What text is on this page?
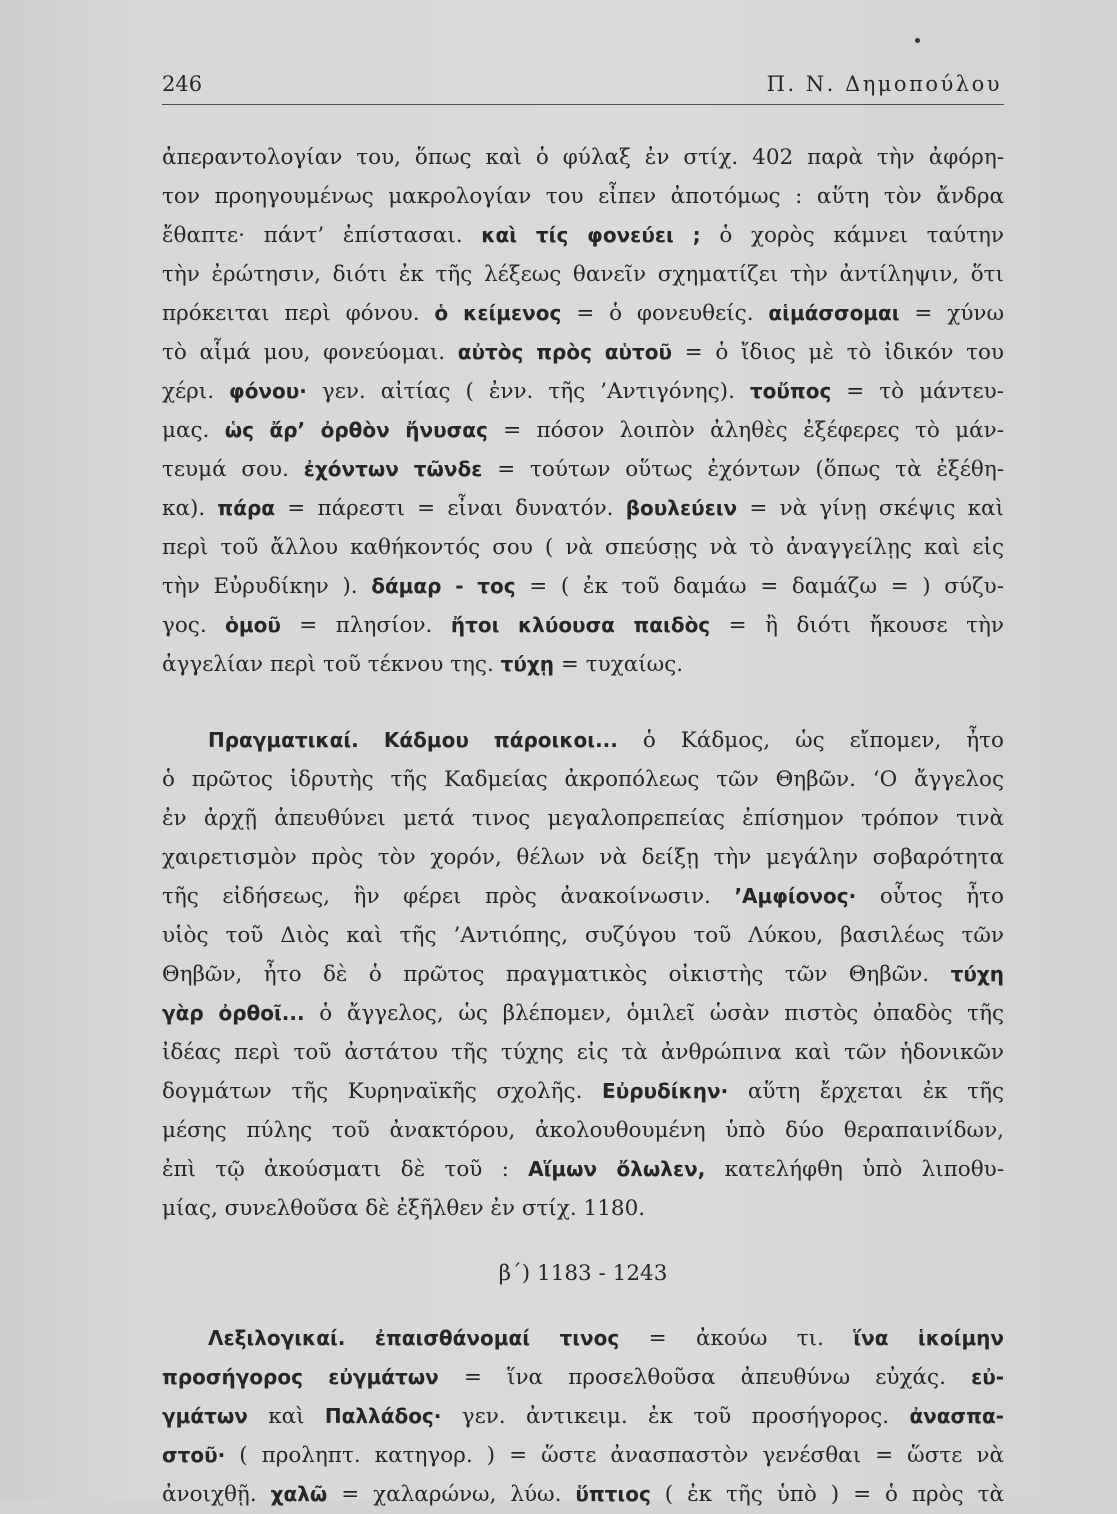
246	Π. Ν. Δημοπούλου
ἀπεραντολογίαν του, ὅπως καὶ ὁ φύλαξ ἐν στίχ. 402 παρὰ τὴν ἀφόρη-
τον προηγουμένως μακρολογίαν του εἶπεν ἀποτόμως : αὕτη τὸν ἄνδρα
ἔθαπτε· πάντ’ ἐπίστασαι. καὶ τίς φονεύει ; ὁ χορὸς κάμνει ταύτην
τὴν ἐρώτησιν, διότι ἐκ τῆς λέξεως θανεῖν σχηματίζει τὴν ἀντίληψιν, ὅτι
πρόκειται περὶ φόνου. ὁ κείμενος = ὁ φονευθείς. αἱμάσσομαι = χύνω
τὸ αἷμά μου, φονεύομαι. αὐτὸς πρὸς αὑτοῦ = ὁ ἴδιος μὲ τὸ ἰδικόν του
χέρι. φόνου· γεν. αἰτίας ( ἐνν. τῆς ’Αντιγόνης). τοὔπος = τὸ μάντευ-
μας. ὡς ἄρ’ ὀρθὸν ἤνυσας = πόσον λοιπὸν ἀληθὲς ἐξέφερες τὸ μάν-
τευμά σου. ἐχόντων τῶνδε = τούτων οὕτως ἐχόντων (ὅπως τὰ ἐξέθη-
κα). πάρα = πάρεστι = εἶναι δυνατόν. βουλεύειν = νὰ γίνῃ σκέψις καὶ
περὶ τοῦ ἄλλου καθήκοντός σου ( νὰ σπεύσῃς νὰ τὸ ἀναγγείλῃς καὶ εἰς
τὴν Εὐρυδίκην ). δάμαρ - τος = ( ἐκ τοῦ δαμάω = δαμάζω = ) σύζυ-
γος. ὁμοῦ = πλησίον. ἤτοι κλύουσα παιδὸς = ἢ διότι ἤκουσε τὴν
ἀγγελίαν περὶ τοῦ τέκνου της. τύχῃ = τυχαίως.
Πραγματικαί. Κάδμου πάροικοι... ὁ Κάδμος, ὡς εἴπομεν, ἦτο
ὁ πρῶτος ἱδρυτὴς τῆς Καδμείας ἀκροπόλεως τῶν Θηβῶν. ‘Ο ἄγγελος
ἐν ἀρχῇ ἀπευθύνει μετά τινος μεγαλοπρεπείας ἐπίσημον τρόπον τινὰ
χαιρετισμὸν πρὸς τὸν χορόν, θέλων νὰ δείξῃ τὴν μεγάλην σοβαρότητα
τῆς εἰδήσεως, ἣν φέρει πρὸς ἀνακοίνωσιν. ’Αμφίονος· οὗτος ἦτο
υἱὸς τοῦ Διὸς καὶ τῆς ’Αντιόπης, συζύγου τοῦ Λύκου, βασιλέως τῶν
Θηβῶν, ἦτο δὲ ὁ πρῶτος πραγματικὸς οἰκιστὴς τῶν Θηβῶν. τύχη
γὰρ ὀρθοῖ... ὁ ἄγγελος, ὡς βλέπομεν, ὁμιλεῖ ὡσὰν πιστὸς ὀπαδὸς τῆς
ἰδέας περὶ τοῦ ἀστάτου τῆς τύχης εἰς τὰ ἀνθρώπινα καὶ τῶν ἡδονικῶν
δογμάτων τῆς Κυρηναϊκῆς σχολῆς. Εὐρυδίκην· αὕτη ἔρχεται ἐκ τῆς
μέσης πύλης τοῦ ἀνακτόρου, ἀκολουθουμένη ὑπὸ δύο θεραπαινίδων,
ἐπὶ τῷ ἀκούσματι δὲ τοῦ : Αἵμων ὄλωλεν, κατελήφθη ὑπὸ λιποθυ-
μίας, συνελθοῦσα δὲ ἐξῆλθεν ἐν στίχ. 1180.
β΄) 1183 - 1243
Λεξιλογικαί. ἐπαισθάνομαί τινος = ἀκούω τι. ἵνα ἱκοίμην
προσήγορος εὐγμάτων = ἵνα προσελθοῦσα ἀπευθύνω εὐχάς. εὐ-
γμάτων καὶ Παλλάδος· γεν. ἀντικειμ. ἐκ τοῦ προσήγορος. ἀνασπα-
στοῦ· ( προληπτ. κατηγορ. ) = ὥστε ἀνασπαστὸν γενέσθαι = ὥστε νὰ
ἀνοιχθῇ. χαλῶ = χαλαρώνω, λύω. ὕπτιος ( ἐκ τῆς ὑπὸ ) = ὁ πρὸς τὰ
